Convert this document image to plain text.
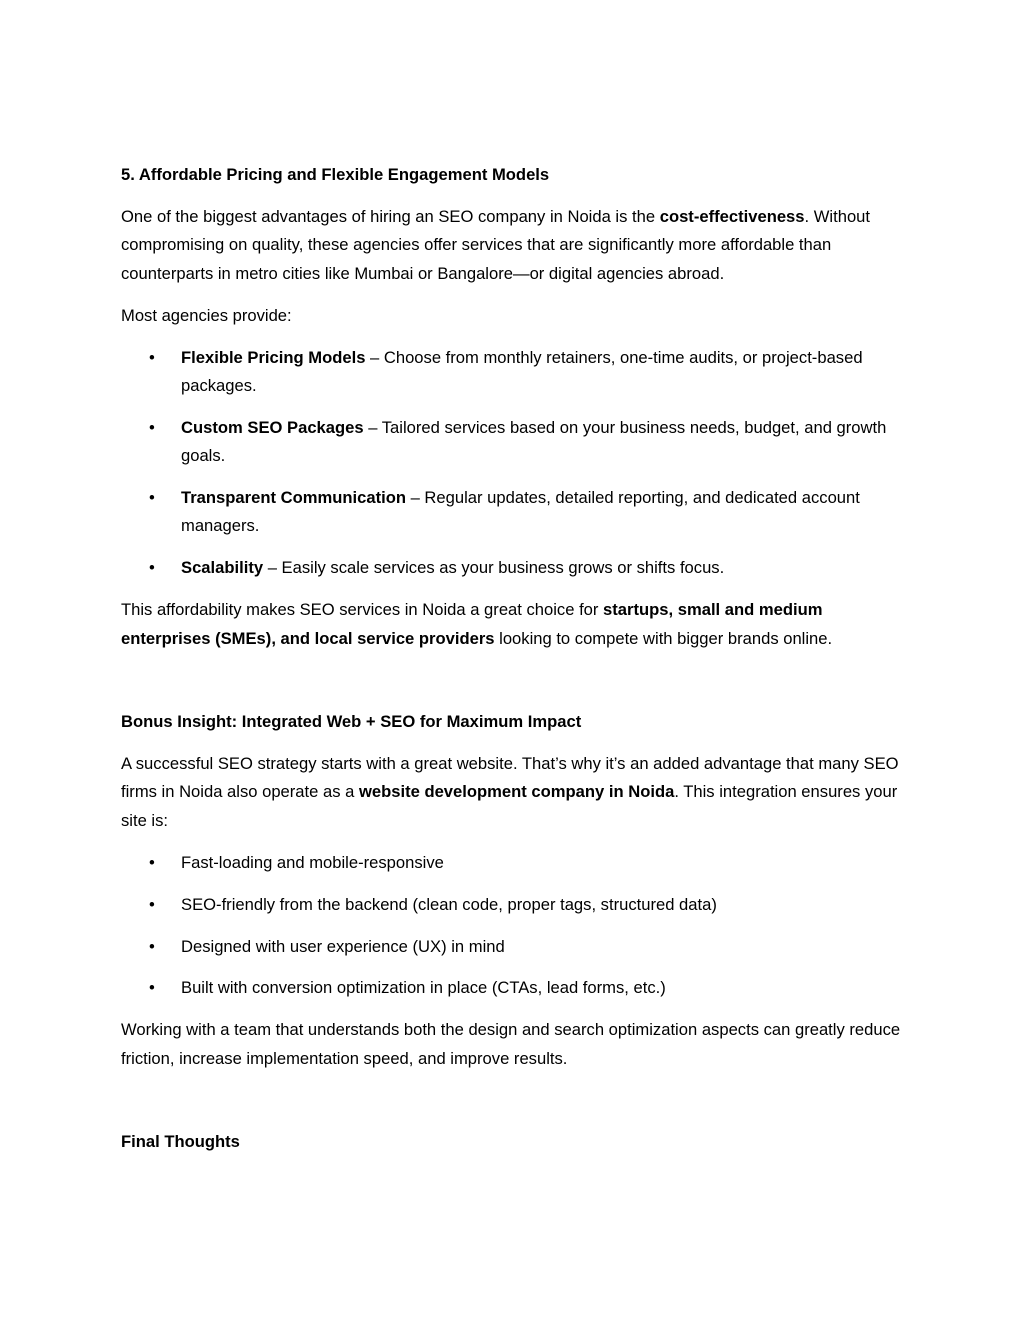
5. Affordable Pricing and Flexible Engagement Models

One of the biggest advantages of hiring an SEO company in Noida is the cost-effectiveness. Without compromising on quality, these agencies offer services that are significantly more affordable than counterparts in metro cities like Mumbai or Bangalore—or digital agencies abroad.

Most agencies provide:

• Flexible Pricing Models – Choose from monthly retainers, one-time audits, or project-based packages.
• Custom SEO Packages – Tailored services based on your business needs, budget, and growth goals.
• Transparent Communication – Regular updates, detailed reporting, and dedicated account managers.
• Scalability – Easily scale services as your business grows or shifts focus.

This affordability makes SEO services in Noida a great choice for startups, small and medium enterprises (SMEs), and local service providers looking to compete with bigger brands online.

Bonus Insight: Integrated Web + SEO for Maximum Impact

A successful SEO strategy starts with a great website. That’s why it’s an added advantage that many SEO firms in Noida also operate as a website development company in Noida. This integration ensures your site is:

• Fast-loading and mobile-responsive
• SEO-friendly from the backend (clean code, proper tags, structured data)
• Designed with user experience (UX) in mind
• Built with conversion optimization in place (CTAs, lead forms, etc.)

Working with a team that understands both the design and search optimization aspects can greatly reduce friction, increase implementation speed, and improve results.

Final Thoughts
